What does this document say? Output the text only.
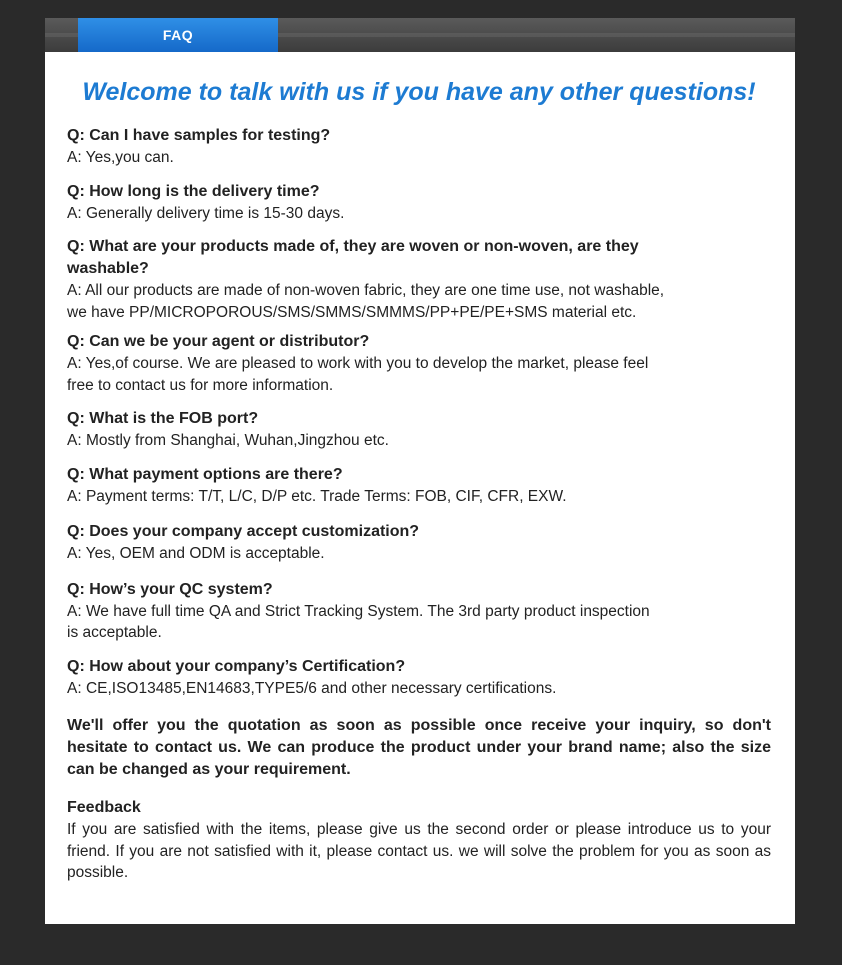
FAQ
Welcome to talk with us if you have any other questions!
Q: Can I have samples for testing?
A: Yes,you can.
Q: How long is the delivery time?
A: Generally delivery time is 15-30 days.
Q: What are your products made of, they are woven or non-woven, are they washable?
A: All our products are made of non-woven fabric, they are one time use, not washable,
we have PP/MICROPOROUS/SMS/SMMS/SMMMS/PP+PE/PE+SMS material etc.
Q: Can we be your agent or distributor?
A: Yes,of course. We are pleased to work with you to develop the market, please feel
free to contact us for more information.
Q: What is the FOB port?
A: Mostly from Shanghai, Wuhan,Jingzhou etc.
Q: What payment options are there?
A: Payment terms: T/T, L/C, D/P etc. Trade Terms: FOB, CIF, CFR, EXW.
Q: Does your company accept customization?
A: Yes, OEM and ODM is acceptable.
Q: How’s your QC system?
A: We have full time QA and Strict Tracking System. The 3rd party product inspection
is acceptable.
Q: How about your company’s Certification?
A: CE,ISO13485,EN14683,TYPE5/6 and other necessary certifications.
We'll offer you the quotation as soon as possible once receive your inquiry, so don't hesitate to contact us. We can produce the product under your brand name; also the size can be changed as your requirement.
Feedback
If you are satisfied with the items, please give us the second order or please introduce us to your friend. If you are not satisfied with it, please contact us. we will solve the problem for you as soon as possible.
